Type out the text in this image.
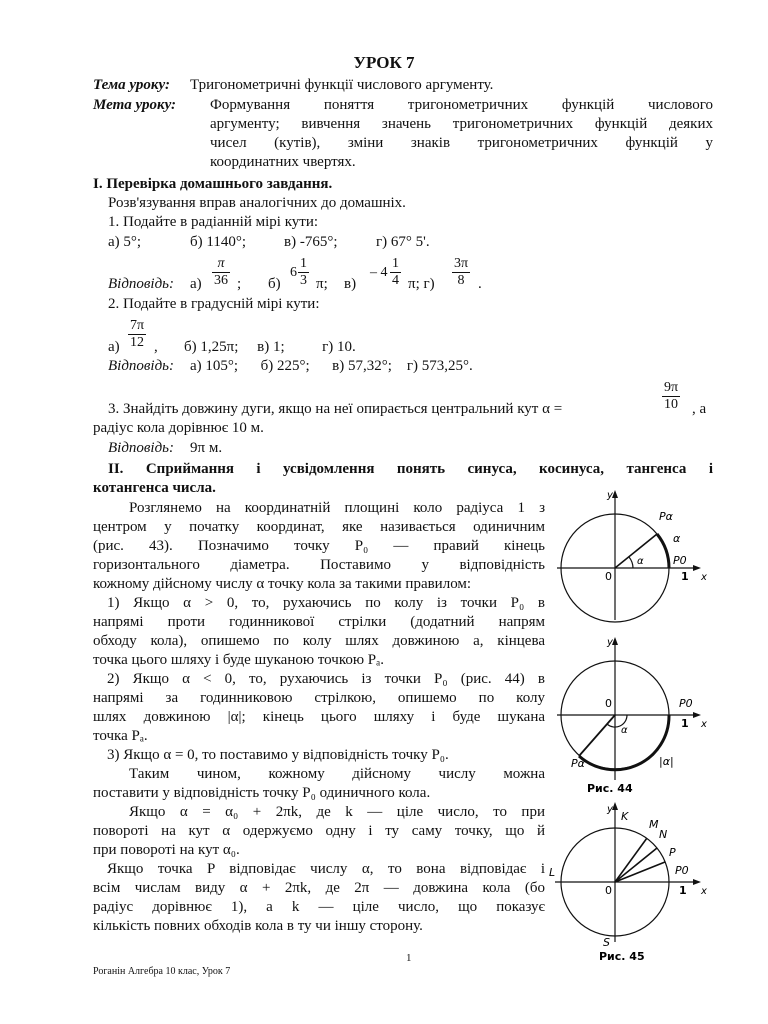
УРОК 7
Тема уроку: Тригонометричні функції числового аргументу.
Мета уроку: Формування поняття тригонометричних функцій числового
аргументу; вивчення значень тригонометричних функцій деяких
чисел (кутів), зміни знаків тригонометричних функцій у
координатних чвертях.
І. Перевірка домашнього завдання.
Розв'язування вправ аналогічних до домашніх.
1. Подайте в радіанній мірі кути:
а) 5°;	б) 1140°;	в) -765°;	г) 67° 5'.
Відповідь: $а) \frac{\pi}{36}$ ; б)
$6 \frac{1}{3} \pi$; в)
– $4 \frac{1}{4} \pi$; $г) \frac{3\pi}{8}$ .
2. Подайте в градусній мірі кути:
$а) \frac{7\pi}{12}$ ,       б) 1,25π;     в) 1;          г) 10.
Відповідь: а) 105°;      б) 225°;      в) 57,32°;    г) 573,25°.
3. Знайдіть довжину дуги, якщо на неї опирається центральний кут α =	$\frac{9\pi}{10}$ , а
радіус кола дорівнює 10 м.
Відповідь: 9π м.
ІІ. Сприймання і усвідомлення понять синуса, косинуса, тангенса і
котангенса числа.
Розглянемо на координатній площині коло радіуса 1 з
центром у початку координат, яке називається одиничним
(рис. 43). Позначимо точку P₀ — правий кінець
горизонтального діаметра. Поставимо у відповідність
кожному дійсному числу α точку кола за такими правилом:
1) Якщо α > 0, то, рухаючись по колу із точки P₀ в
напрямі проти годинникової стрілки (додатний напрям
обходу кола), опишемо по колу шлях довжиною а, кінцева
точка цього шляху і буде шуканою точкою Pₐ.
2) Якщо α < 0, то, рухаючись із точки P₀ (рис. 44) в
напрямі за годинниковою стрілкою, опишемо по колу
шлях довжиною |α|; кінець цього шляху і буде шукана
точка Pₐ.
3) Якщо α = 0, то поставимо у відповідність точку P₀.
Таким чином, кожному дійсному числу можна
поставити у відповідність точку P₀ одиничного кола.
Якщо α = α₀ + 2πk, де k — ціле число, то при
повороті на кут α одержуємо одну і ту саму точку, що й
при повороті на кут α₀.
Якщо точка P відповідає числу α, то вона відповідає і
всім числам виду α + 2πk, де 2π — довжина кола (бо
радіус дорівнює 1), а k — ціле число, що показує
кількість повних обходів кола в ту чи іншу сторону.
y
x
0	1
Pα
α
α	P0
y
x
0
1
P0
α
|α|
Pα
Рис. 44
y
x
0	1
K
M
N
P
P0
L
S
Рис. 45
1
Роганін Алгебра 10 клас, Урок 7
